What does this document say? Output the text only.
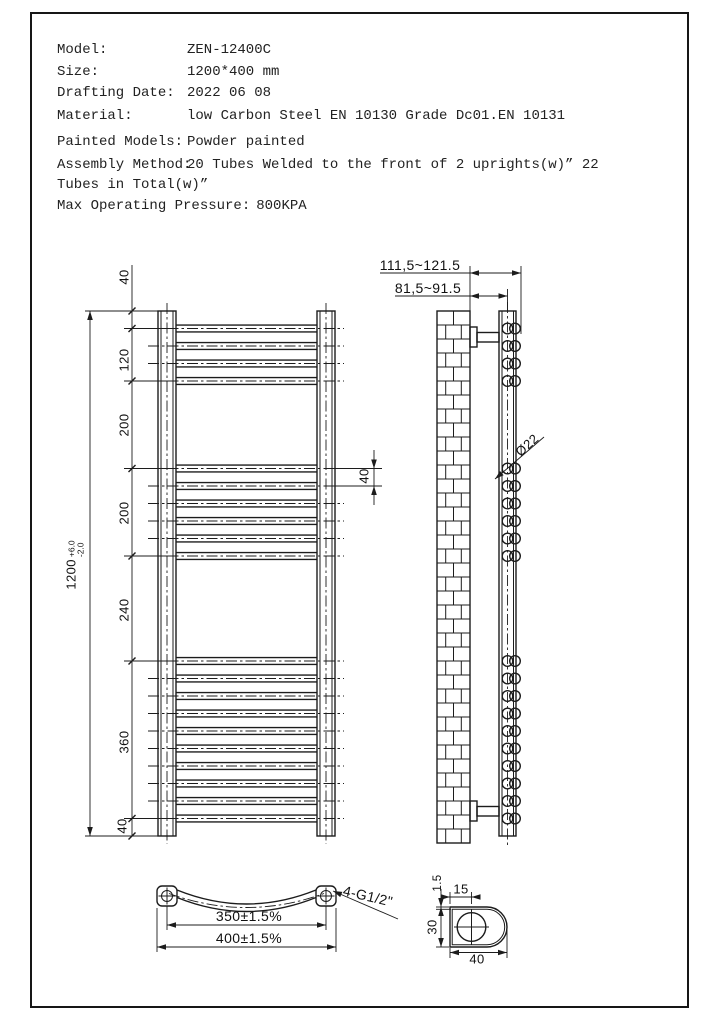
Model:	ZEN-12400C
Size:	1200*400 mm
Drafting Date: 2022 06 08
Material:	low Carbon Steel EN 10130 Grade Dc01.EN 10131
Painted Models: Powder painted
Assembly Method:20 Tubes Welded to the front of 2 uprights(w)” 22
Tubes in Total(w)”
Max Operating Pressure: 800KPA
40
120
200
200
240
360
40
1200
+6.0
-2.0
40
111,5~121.5
81,5~91.5
Ø22
350±1.5%
400±1.5%
4-G1/2"	1.5 15
30
40
